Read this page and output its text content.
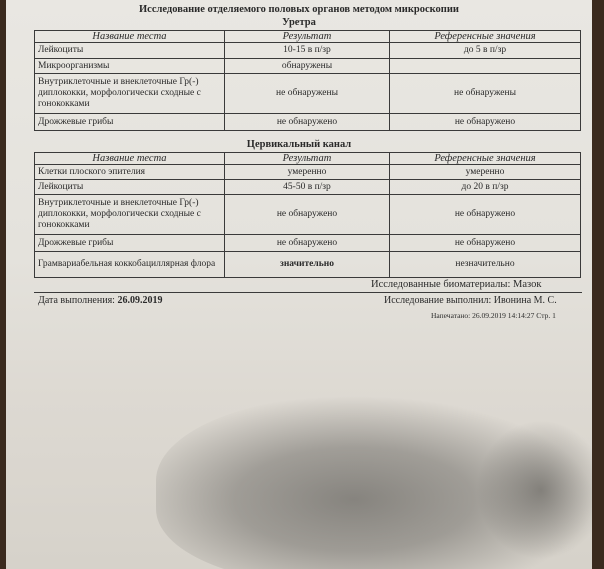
Исследование отделяемого половых органов методом микроскопии
Уретра
Название теста	Результат	Референсные значения
Лейкоциты	10-15 в п/зр	до 5 в п/зр
Микроорганизмы	обнаружены	
Внутриклеточные и внеклеточные Гр(-) диплококки, морфологически сходные с гонококками	не обнаружены	не обнаружены
Дрожжевые грибы	не обнаружено	не обнаружено
Цервикальный канал
Название теста	Результат	Референсные значения
Клетки плоского эпителия	умеренно	умеренно
Лейкоциты	45-50 в п/зр	до 20 в п/зр
Внутриклеточные и внеклеточные Гр(-) диплококки, морфологически сходные с гонококками	не обнаружено	не обнаружено
Дрожжевые грибы	не обнаружено	не обнаружено
Грамвариабельная коккобациллярная флора	значительно	незначительно
Исследованные биоматериалы: Мазок
Дата выполнения: 26.09.2019	Исследование выполнил: Ивонина М. С.
Напечатано: 26.09.2019 14:14:27 Стр. 1
